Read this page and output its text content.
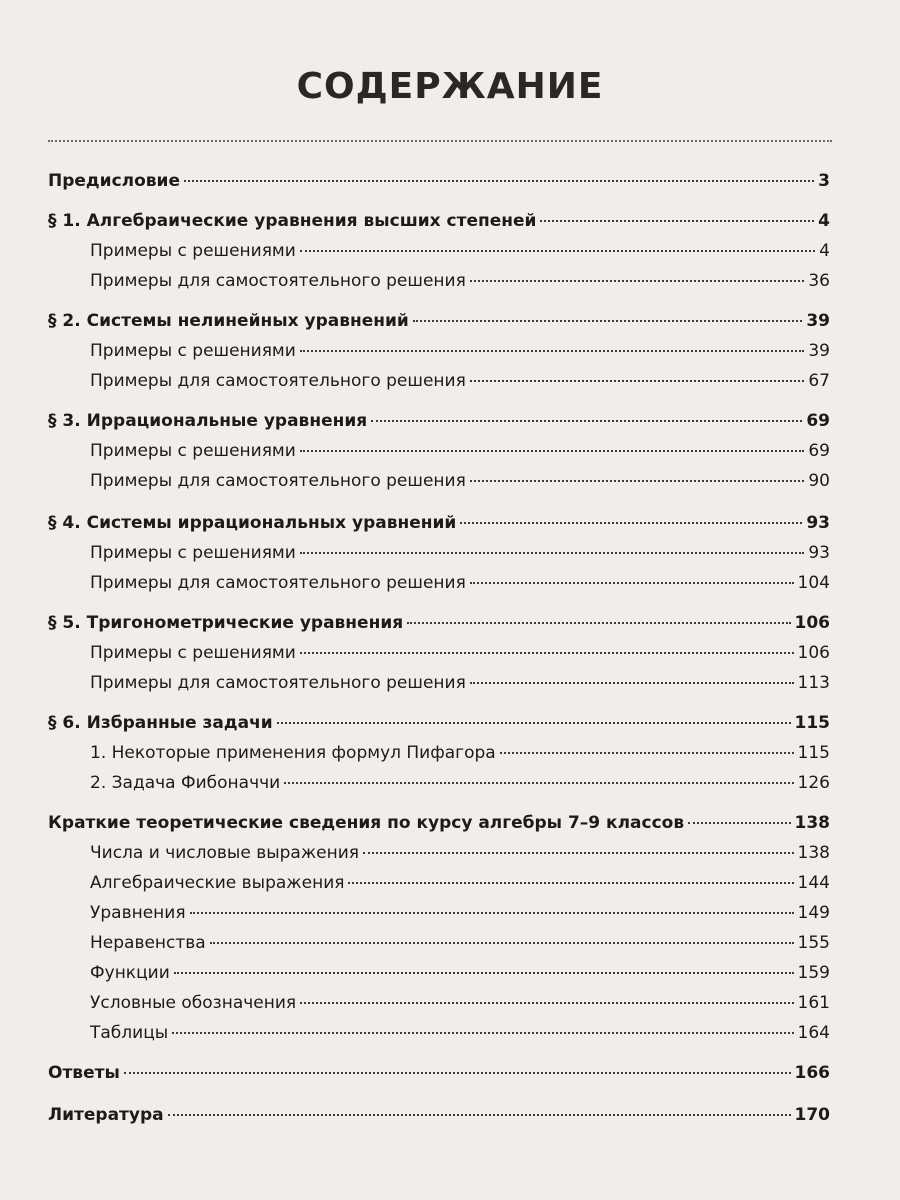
СОДЕРЖАНИЕ
Предисловие	3
§ 1. Алгебраические уравнения высших степеней	4
Примеры с решениями	4
Примеры для самостоятельного решения	36
§ 2. Системы нелинейных уравнений	39
Примеры с решениями	39
Примеры для самостоятельного решения	67
§ 3. Иррациональные уравнения	69
Примеры с решениями	69
Примеры для самостоятельного решения	90
§ 4. Системы иррациональных уравнений	93
Примеры с решениями	93
Примеры для самостоятельного решения	104
§ 5. Тригонометрические уравнения	106
Примеры с решениями	106
Примеры для самостоятельного решения	113
§ 6. Избранные задачи	115
1. Некоторые применения формул Пифагора	115
2. Задача Фибоначчи	126
Краткие теоретические сведения по курсу алгебры 7–9 классов	138
Числа и числовые выражения	138
Алгебраические выражения	144
Уравнения	149
Неравенства	155
Функции	159
Условные обозначения	161
Таблицы	164
Ответы	166
Литература	170
